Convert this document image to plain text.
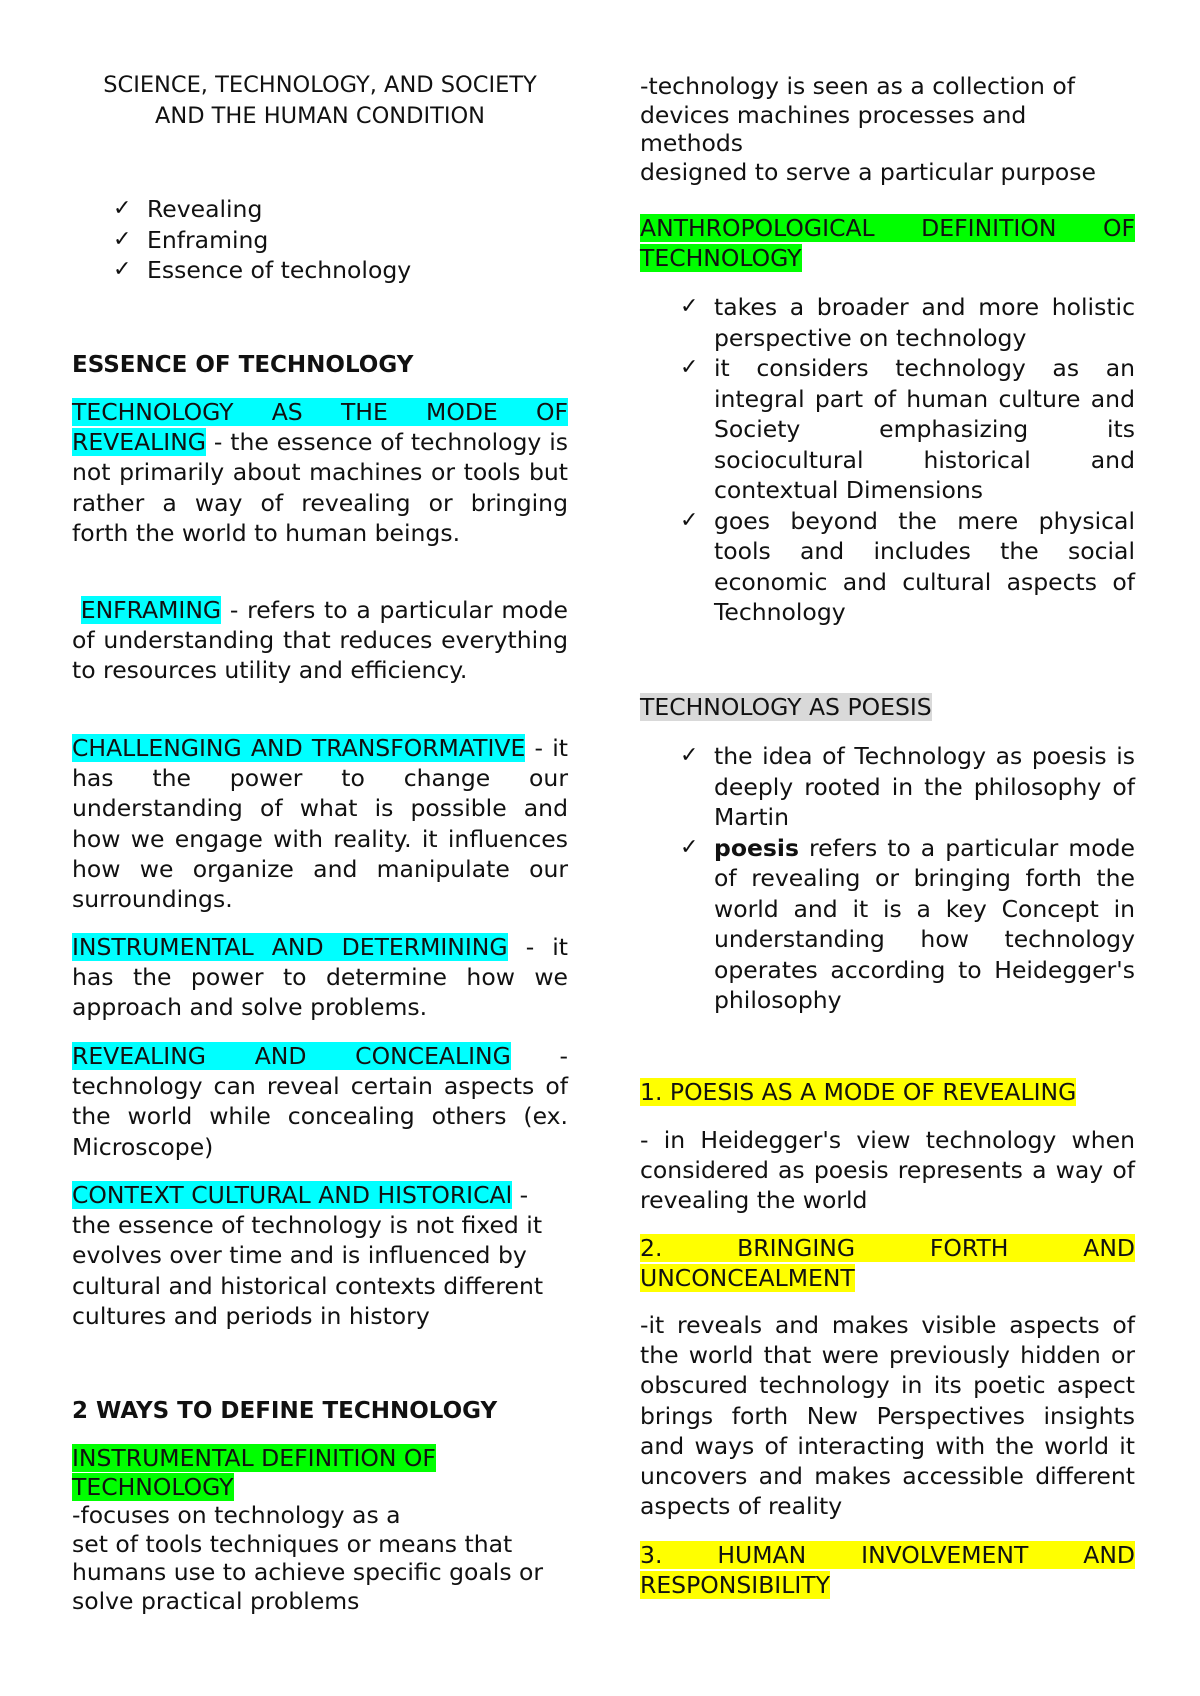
SCIENCE, TECHNOLOGY, AND SOCIETY
AND THE HUMAN CONDITION
✓ Revealing
✓ Enframing
✓ Essence of technology
ESSENCE OF TECHNOLOGY
TECHNOLOGY AS THE MODE OF REVEALING - the essence of technology is not primarily about machines or tools but rather a way of revealing or bringing forth the world to human beings.
ENFRAMING - refers to a particular mode of understanding that reduces everything to resources utility and efficiency.
CHALLENGING AND TRANSFORMATIVE - it has the power to change our understanding of what is possible and how we engage with reality. it influences how we organize and manipulate our surroundings.
INSTRUMENTAL AND DETERMINING - it has the power to determine how we approach and solve problems.
REVEALING AND CONCEALING - technology can reveal certain aspects of the world while concealing others (ex. Microscope)
CONTEXT CULTURAL AND HISTORICAl - the essence of technology is not fixed it evolves over time and is influenced by cultural and historical contexts different cultures and periods in history
2 WAYS TO DEFINE TECHNOLOGY
INSTRUMENTAL DEFINITION OF
TECHNOLOGY
-focuses on technology as a
set of tools techniques or means that
humans use to achieve specific goals or
solve practical problems
-technology is seen as a collection of
devices machines processes and
methods
designed to serve a particular purpose
ANTHROPOLOGICAL DEFINITION OF TECHNOLOGY
✓ takes a broader and more holistic perspective on technology
✓ it considers technology as an integral part of human culture and Society emphasizing its sociocultural historical and contextual Dimensions
✓ goes beyond the mere physical tools and includes the social economic and cultural aspects of Technology
TECHNOLOGY AS POESIS
✓ the idea of Technology as poesis is deeply rooted in the philosophy of Martin
✓ poesis refers to a particular mode of revealing or bringing forth the world and it is a key Concept in understanding how technology operates according to Heidegger's philosophy
1. POESIS AS A MODE OF REVEALING
- in Heidegger's view technology when considered as poesis represents a way of revealing the world
2. BRINGING FORTH AND UNCONCEALMENT
-it reveals and makes visible aspects of the world that were previously hidden or obscured technology in its poetic aspect brings forth New Perspectives insights and ways of interacting with the world it uncovers and makes accessible different aspects of reality
3. HUMAN INVOLVEMENT AND RESPONSIBILITY
